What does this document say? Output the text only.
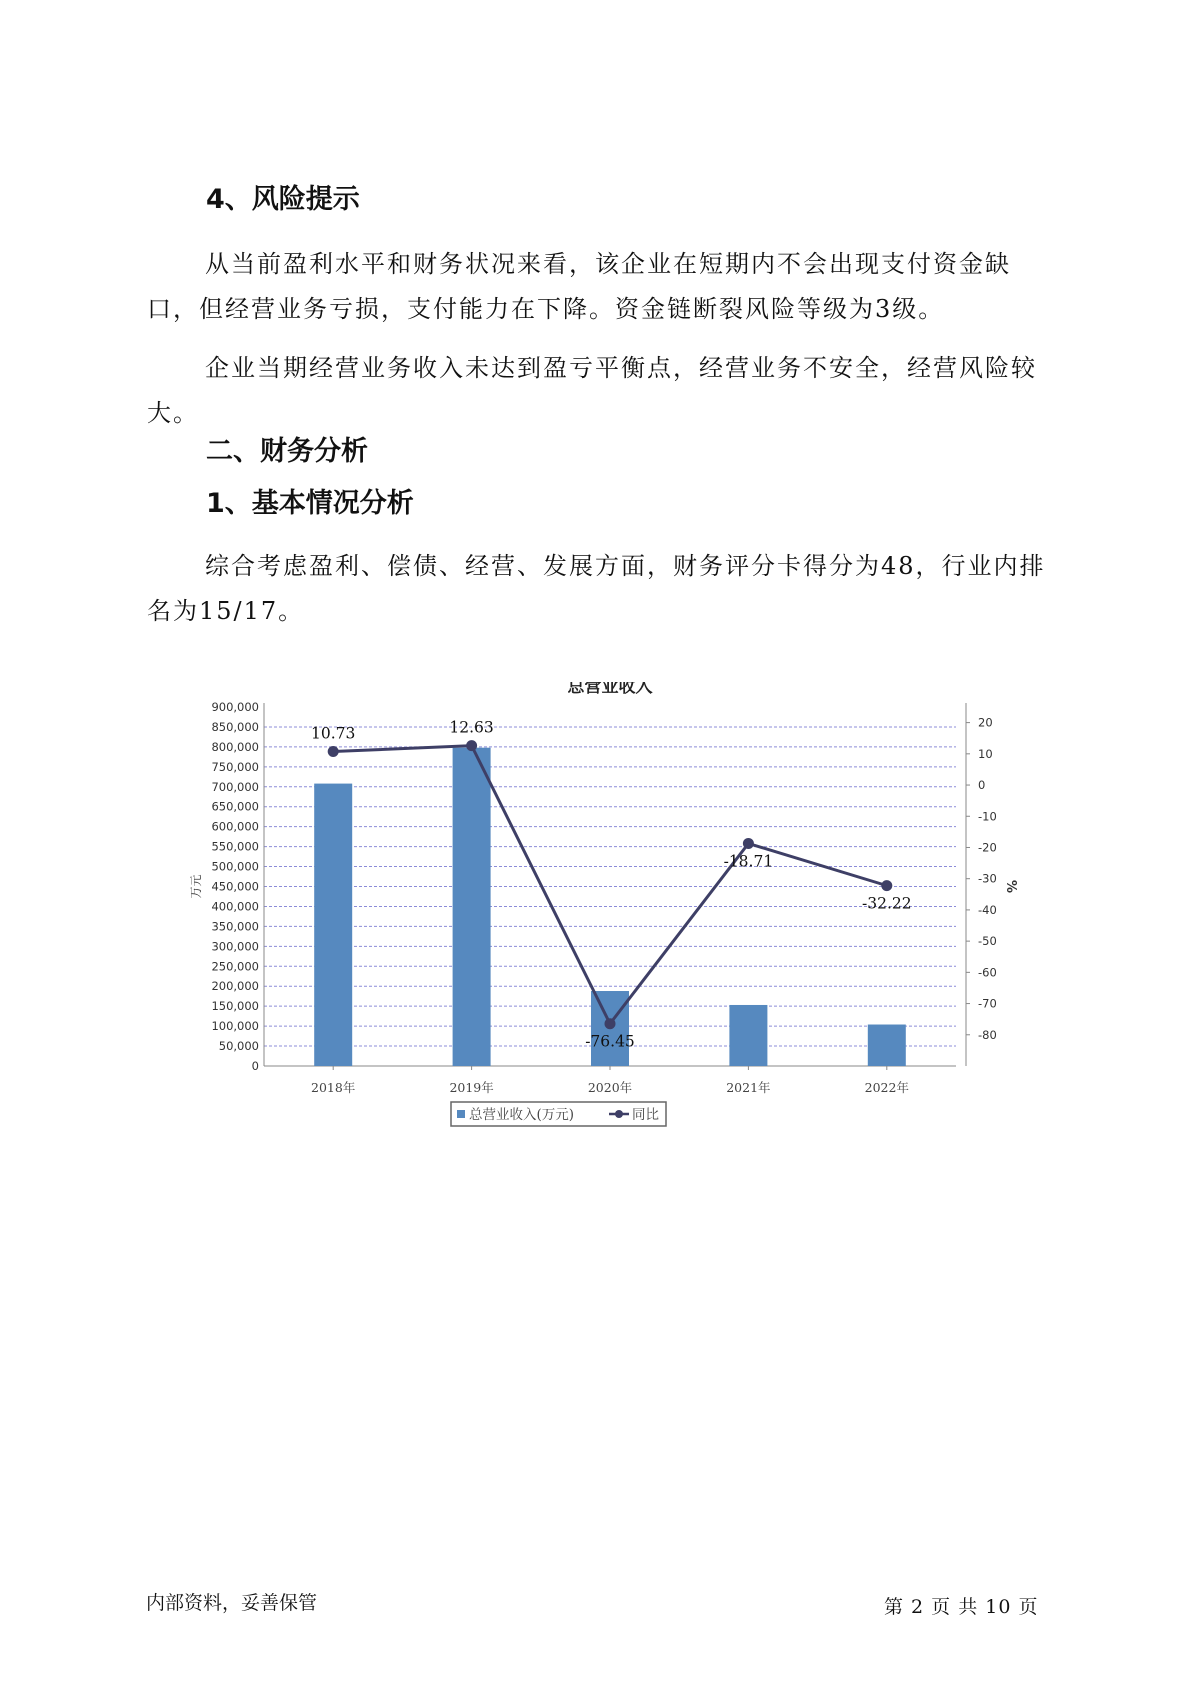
4、风险提示

从当前盈利水平和财务状况来看，该企业在短期内不会出现支付资金缺口，但经营业务亏损，支付能力在下降。资金链断裂风险等级为3级。

企业当期经营业务收入未达到盈亏平衡点，经营业务不安全，经营风险较大。

二、财务分析
1、基本情况分析

综合考虑盈利、偿债、经营、发展方面，财务评分卡得分为48，行业内排名为15/17。

总营业收入
900,000
850,000
800,000
750,000
700,000
650,000
600,000
550,000
500,000
450,000
400,000
350,000
300,000
250,000
200,000
150,000
100,000
50,000
0
20
10
0
-10
-20
-30
-40
-50
-60
-70
-80
万元	%
2018年	2019年	2020年	2021年	2022年
10.73	12.63
-76.45
-18.71
-32.22
总营业收入(万元)	同比
内部资料，妥善保管	第 2 页 共 10 页
